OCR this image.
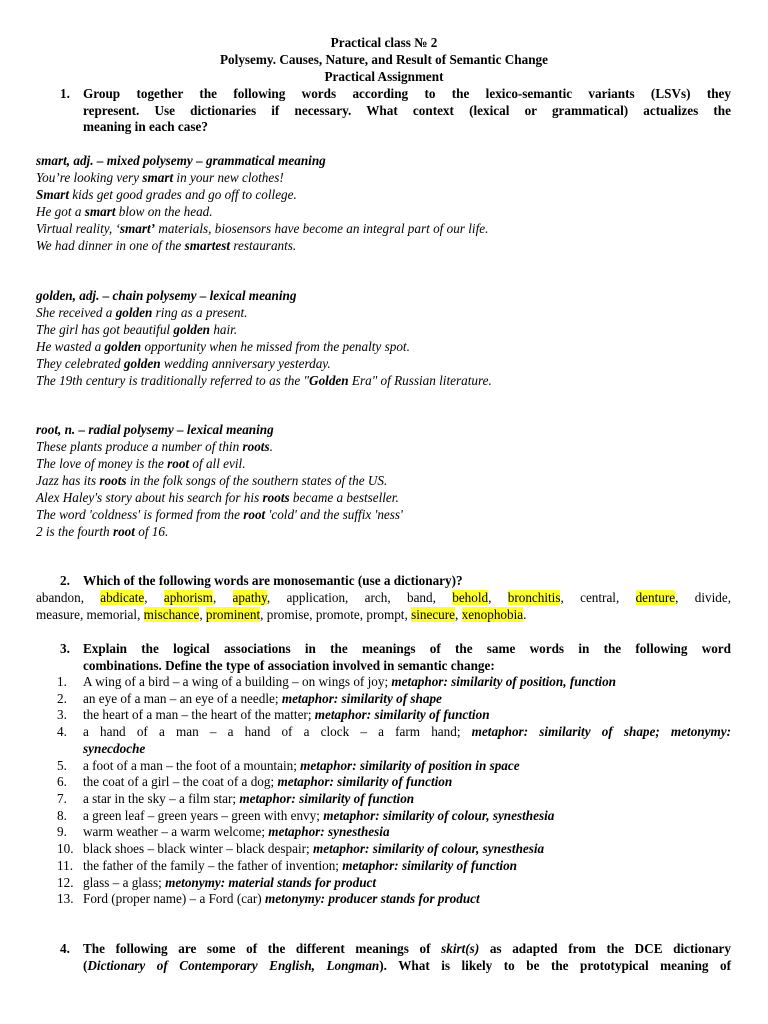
Practical class № 2
Polysemy. Causes, Nature, and Result of Semantic Change
Practical Assignment
1. Group together the following words according to the lexico-semantic variants (LSVs) they
represent. Use dictionaries if necessary. What context (lexical or grammatical) actualizes the
meaning in each case?
smart, adj. – mixed polysemy – grammatical meaning
You’re looking very smart in your new clothes!
Smart kids get good grades and go off to college.
He got a smart blow on the head.
Virtual reality, ‘smart’ materials, biosensors have become an integral part of our life.
We had dinner in one of the smartest restaurants.
golden, adj. – chain polysemy – lexical meaning
She received a golden ring as a present.
The girl has got beautiful golden hair.
He wasted a golden opportunity when he missed from the penalty spot.
They celebrated golden wedding anniversary yesterday.
The 19th century is traditionally referred to as the "Golden Era" of Russian literature.
root, n. – radial polysemy – lexical meaning
These plants produce a number of thin roots.
The love of money is the root of all evil.
Jazz has its roots in the folk songs of the southern states of the US.
Alex Haley's story about his search for his roots became a bestseller.
The word 'coldness' is formed from the root 'cold' and the suffix 'ness'
2 is the fourth root of 16.
2. Which of the following words are monosemantic (use a dictionary)?
abandon, abdicate, aphorism, apathy, application, arch, band, behold, bronchitis, central, denture, divide,
measure, memorial, mischance, prominent, promise, promote, prompt, sinecure, xenophobia.
3. Explain the logical associations in the meanings of the same words in the following word
combinations. Define the type of association involved in semantic change:
1. A wing of a bird – a wing of a building – on wings of joy; metaphor: similarity of position, function
2. an eye of a man – an eye of a needle; metaphor: similarity of shape
3. the heart of a man – the heart of the matter; metaphor: similarity of function
4. a hand of a man – a hand of a clock – a farm hand; metaphor: similarity of shape; metonymy:
synecdoche
5. a foot of a man – the foot of a mountain; metaphor: similarity of position in space
6. the coat of a girl – the coat of a dog; metaphor: similarity of function
7. a star in the sky – a film star; metaphor: similarity of function
8. a green leaf – green years – green with envy; metaphor: similarity of colour, synesthesia
9. warm weather – a warm welcome; metaphor: synesthesia
10. black shoes – black winter – black despair; metaphor: similarity of colour, synesthesia
11. the father of the family – the father of invention; metaphor: similarity of function
12. glass – a glass; metonymy: material stands for product
13. Ford (proper name) – a Ford (car) metonymy: producer stands for product
4. The following are some of the different meanings of skirt(s) as adapted from the DCE dictionary
(Dictionary of Contemporary English, Longman). What is likely to be the prototypical meaning of
